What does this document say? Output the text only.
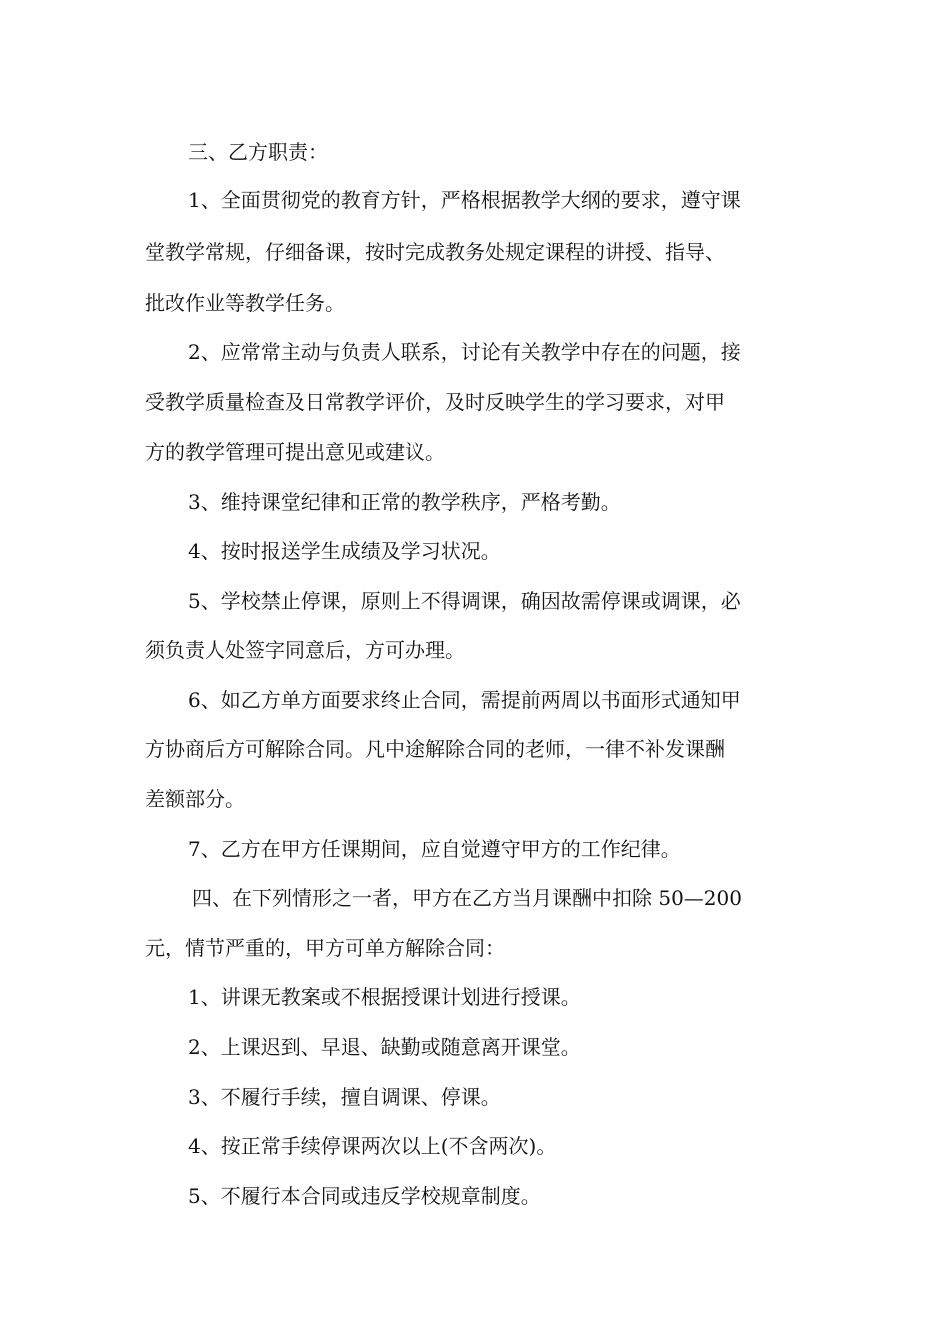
三、乙方职责：
1、全面贯彻党的教育方针，严格根据教学大纲的要求，遵守课
堂教学常规，仔细备课，按时完成教务处规定课程的讲授、指导、
批改作业等教学任务。
2、应常常主动与负责人联系，讨论有关教学中存在的问题，接
受教学质量检查及日常教学评价，及时反映学生的学习要求，对甲
方的教学管理可提出意见或建议。
3、维持课堂纪律和正常的教学秩序，严格考勤。
4、按时报送学生成绩及学习状况。
5、学校禁止停课，原则上不得调课，确因故需停课或调课，必
须负责人处签字同意后，方可办理。
6、如乙方单方面要求终止合同，需提前两周以书面形式通知甲
方协商后方可解除合同。凡中途解除合同的老师，一律不补发课酬
差额部分。
7、乙方在甲方任课期间，应自觉遵守甲方的工作纪律。
四、在下列情形之一者，甲方在乙方当月课酬中扣除 50—200
元，情节严重的，甲方可单方解除合同：
1、讲课无教案或不根据授课计划进行授课。
2、上课迟到、早退、缺勤或随意离开课堂。
3、不履行手续，擅自调课、停课。
4、按正常手续停课两次以上(不含两次)。
5、不履行本合同或违反学校规章制度。
